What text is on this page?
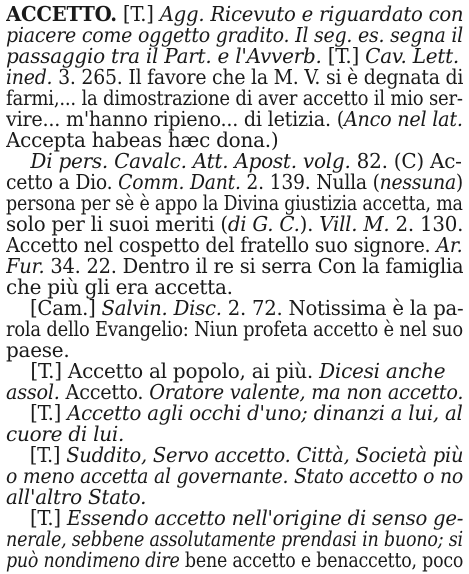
ACCETTO. [T.] Agg. Ricevuto e riguardato con
piacere come oggetto gradito. Il seg. es. segna il
passaggio tra il Part. e l'Avverb. [T.] Cav. Lett.
ined. 3. 265. Il favore che la M. V. si è degnata di
farmi,... la dimostrazione di aver accetto il mio ser-
vire... m'hanno ripieno... di letizia. (Anco nel lat.
Accepta habeas hæc dona.)
Di pers. Cavalc. Att. Apost. volg. 82. (C) Ac-
cetto a Dio. Comm. Dant. 2. 139. Nulla (nessuna)
persona per sè è appo la Divina giustizia accetta, ma
solo per li suoi meriti (di G. C.). Vill. M. 2. 130.
Accetto nel cospetto del fratello suo signore. Ar.
Fur. 34. 22. Dentro il re si serra Con la famiglia
che più gli era accetta.
[Cam.] Salvin. Disc. 2. 72. Notissima è la pa-
rola dello Evangelio: Niun profeta accetto è nel suo
paese.
[T.] Accetto al popolo, ai più. Dicesi anche
assol. Accetto. Oratore valente, ma non accetto.
[T.] Accetto agli occhi d'uno; dinanzi a lui, al
cuore di lui.
[T.] Suddito, Servo accetto. Città, Società più
o meno accetta al governante. Stato accetto o no
all'altro Stato.
[T.] Essendo accetto nell'origine di senso ge-
nerale, sebbene assolutamente prendasi in buono; si
può nondimeno dire bene accetto e benaccetto, poco
